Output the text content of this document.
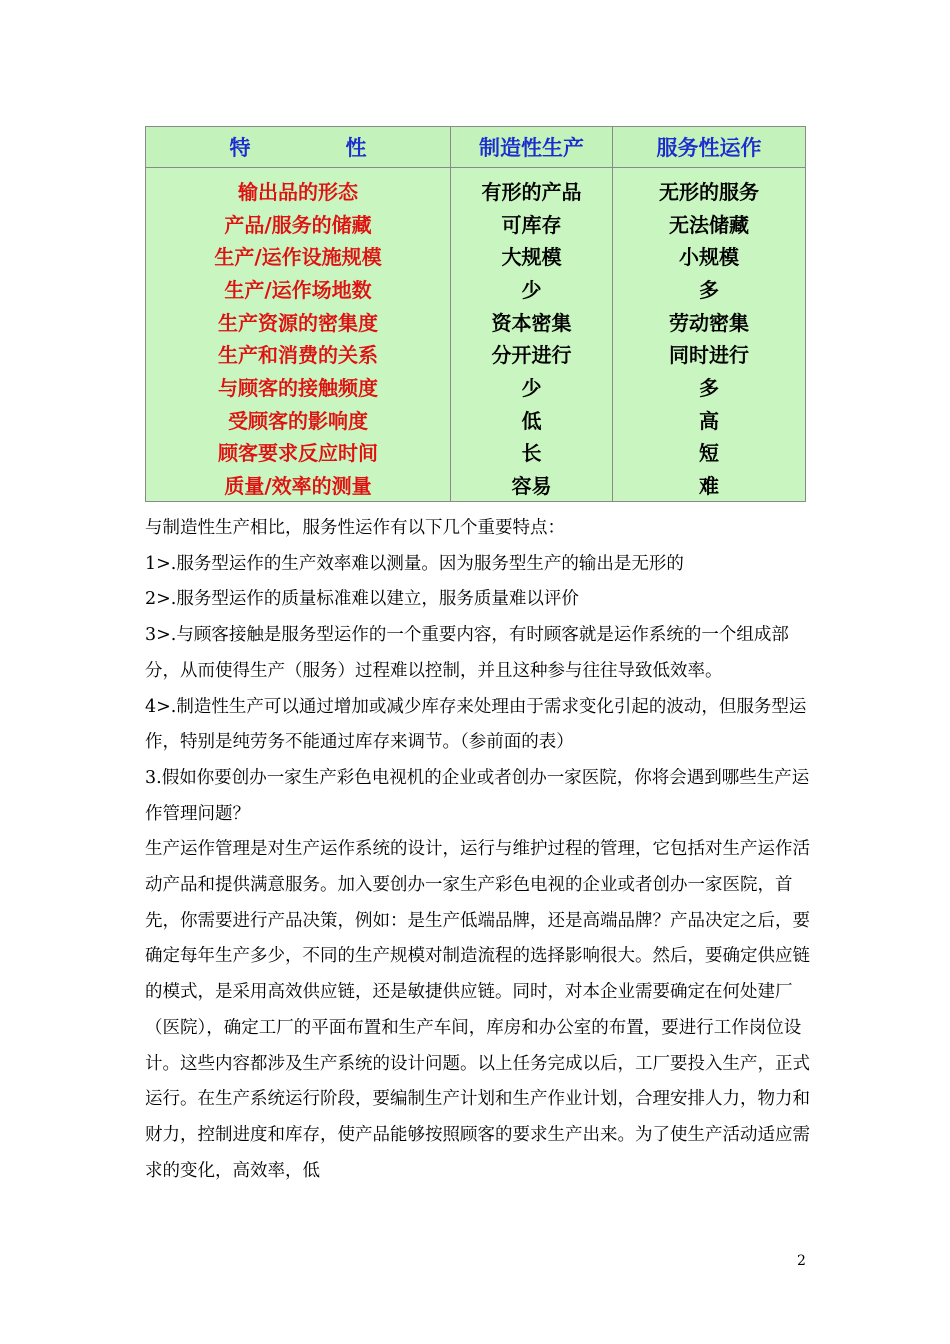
特 性	制造性生产	服务性运作
输出品的形态	有形的产品	无形的服务
产品/服务的储藏	可库存	无法储藏
生产/运作设施规模	大规模	小规模
生产/运作场地数	少	多
生产资源的密集度	资本密集	劳动密集
生产和消费的关系	分开进行	同时进行
与顾客的接触频度	少	多
受顾客的影响度	低	高
顾客要求反应时间	长	短
质量/效率的测量	容易	难

与制造性生产相比，服务性运作有以下几个重要特点：

1>.服务型运作的生产效率难以测量。因为服务型生产的输出是无形的

2>.服务型运作的质量标准难以建立，服务质量难以评价

3>.与顾客接触是服务型运作的一个重要内容，有时顾客就是运作系统的一个组成部分，从而使得生产（服务）过程难以控制，并且这种参与往往导致低效率。

4>.制造性生产可以通过增加或减少库存来处理由于需求变化引起的波动，但服务型运作，特别是纯劳务不能通过库存来调节。（参前面的表）

3.假如你要创办一家生产彩色电视机的企业或者创办一家医院，你将会遇到哪些生产运作管理问题？

生产运作管理是对生产运作系统的设计，运行与维护过程的管理，它包括对生产运作活动产品和提供满意服务。加入要创办一家生产彩色电视的企业或者创办一家医院，首先，你需要进行产品决策，例如：是生产低端品牌，还是高端品牌？产品决定之后，要确定每年生产多少，不同的生产规模对制造流程的选择影响很大。然后，要确定供应链的模式，是采用高效供应链，还是敏捷供应链。同时，对本企业需要确定在何处建厂（医院），确定工厂的平面布置和生产车间，库房和办公室的布置，要进行工作岗位设计。这些内容都涉及生产系统的设计问题。以上任务完成以后，工厂要投入生产，正式运行。在生产系统运行阶段，要编制生产计划和生产作业计划，合理安排人力，物力和财力，控制进度和库存，使产品能够按照顾客的要求生产出来。为了使生产活动适应需求的变化，高效率，低

2
